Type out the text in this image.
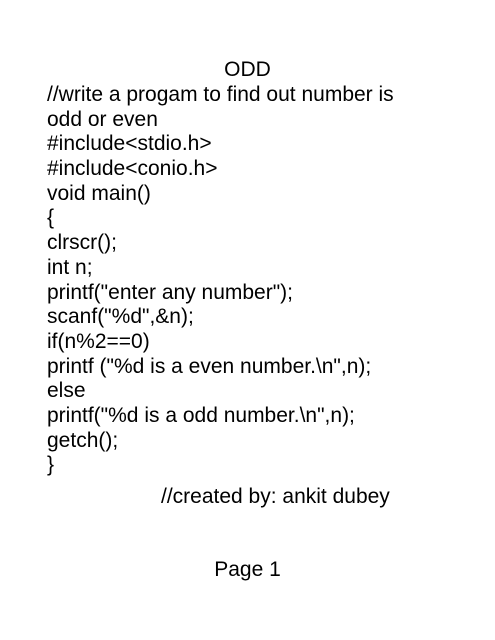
ODD
//write a progam to find out number is
odd or even
#include<stdio.h>
#include<conio.h>
void main()
{
clrscr();
int n;
printf("enter any number");
scanf("%d",&n);
if(n%2==0)
printf ("%d is a even number.\n",n);
else
printf("%d is a odd number.\n",n);
getch();
}
//created by: ankit dubey
Page 1
